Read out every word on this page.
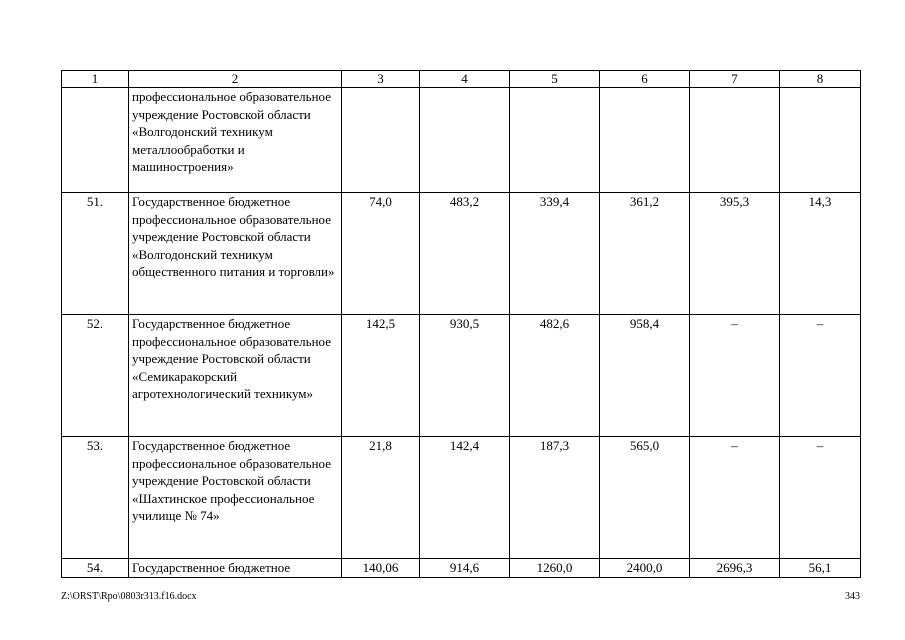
1	2	3	4	5	6	7	8
	профессиональное образовательное учреждение Ростовской области «Волгодонский техникум металлообработки и машиностроения»						
51.	Государственное бюджетное профессиональное образовательное учреждение Ростовской области «Волгодонский техникум общественного питания и торговли»	74,0	483,2	339,4	361,2	395,3	14,3
52.	Государственное бюджетное профессиональное образовательное учреждение Ростовской области «Семикаракорский агротехнологический техникум»	142,5	930,5	482,6	958,4	–	–
53.	Государственное бюджетное профессиональное образовательное учреждение Ростовской области «Шахтинское профессиональное училище № 74»	21,8	142,4	187,3	565,0	–	–
54.	Государственное бюджетное	140,06	914,6	1260,0	2400,0	2696,3	56,1
Z:\ORST\Rpo\0803r313.f16.docx	343
